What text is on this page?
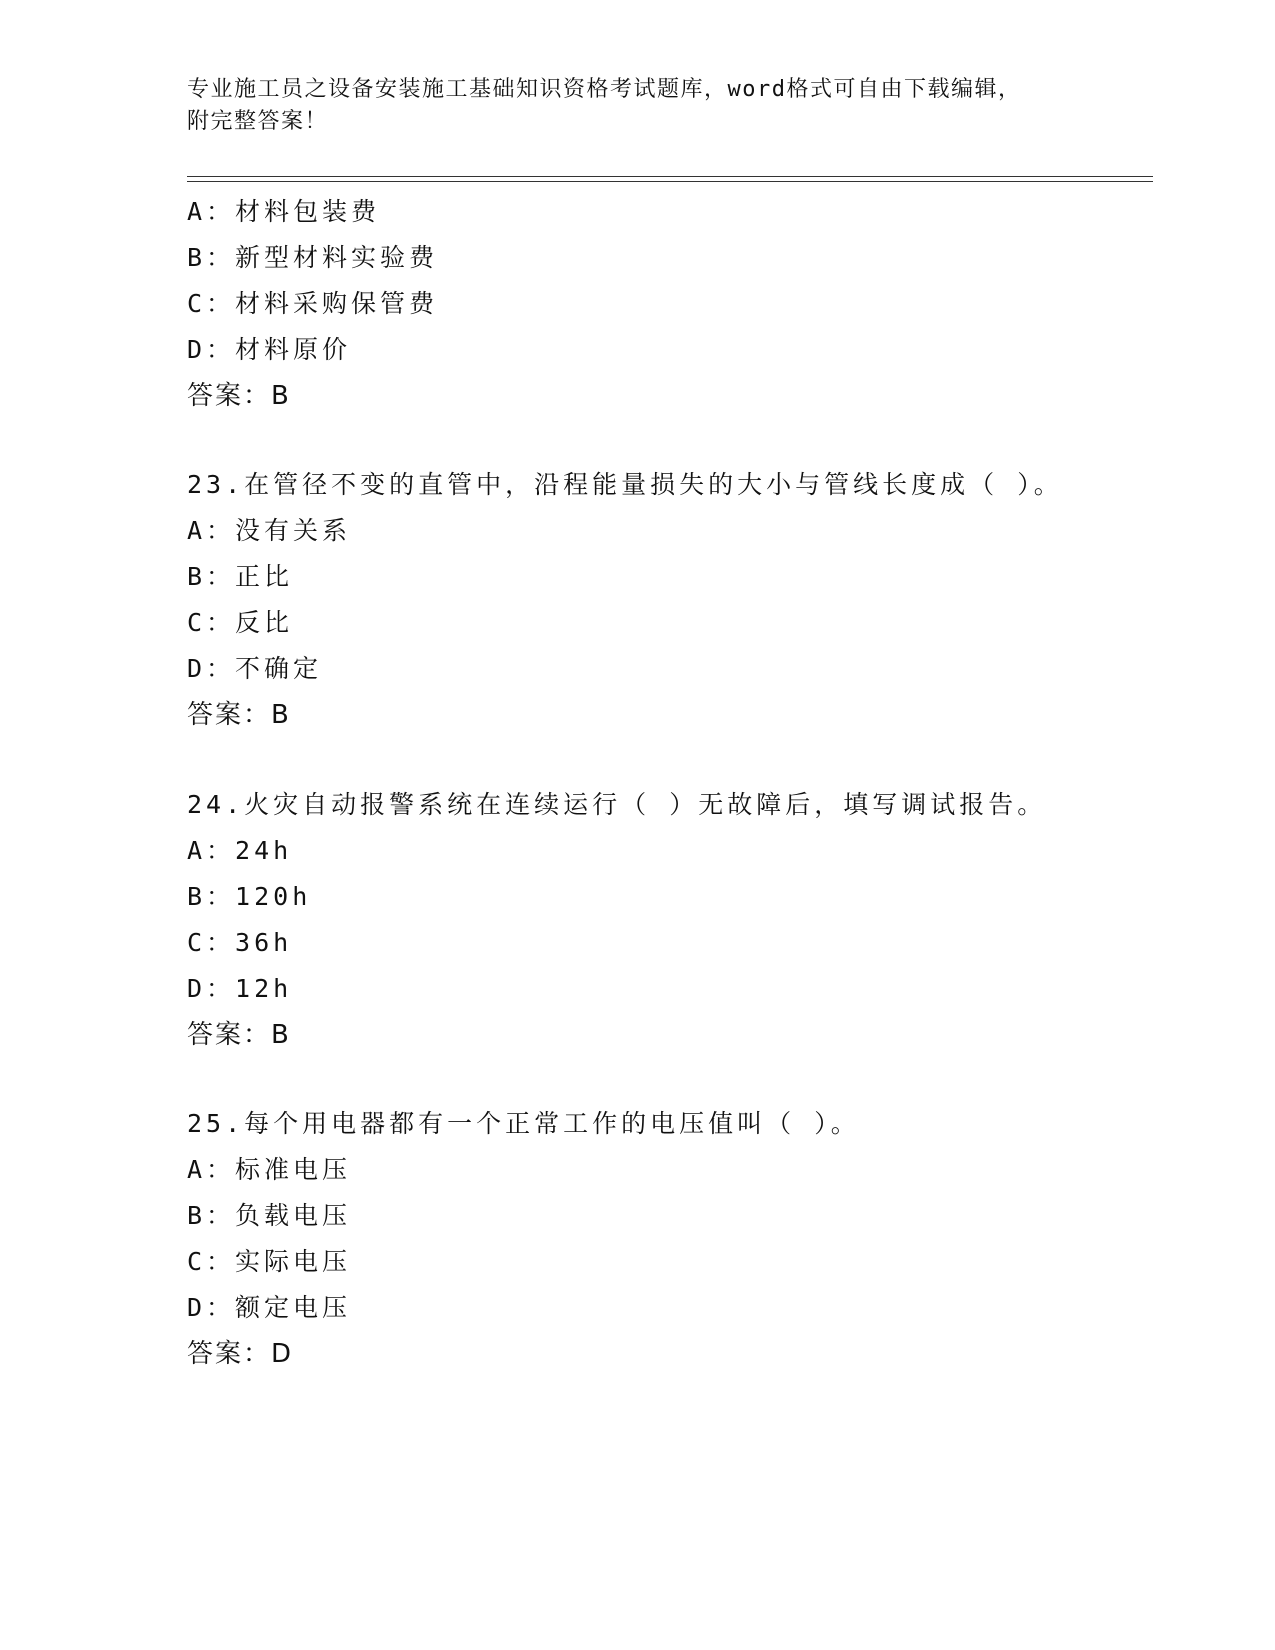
专业施工员之设备安装施工基础知识资格考试题库，word格式可自由下载编辑，
附完整答案！
A：材料包装费
B：新型材料实验费
C：材料采购保管费
D：材料原价
答案：B
23.在管径不变的直管中，沿程能量损失的大小与管线长度成（ ）。
A：没有关系
B：正比
C：反比
D：不确定
答案：B
24.火灾自动报警系统在连续运行（ ）无故障后，填写调试报告。
A：24h
B：120h
C：36h
D：12h
答案：B
25.每个用电器都有一个正常工作的电压值叫（ ）。
A：标准电压
B：负载电压
C：实际电压
D：额定电压
答案：D
